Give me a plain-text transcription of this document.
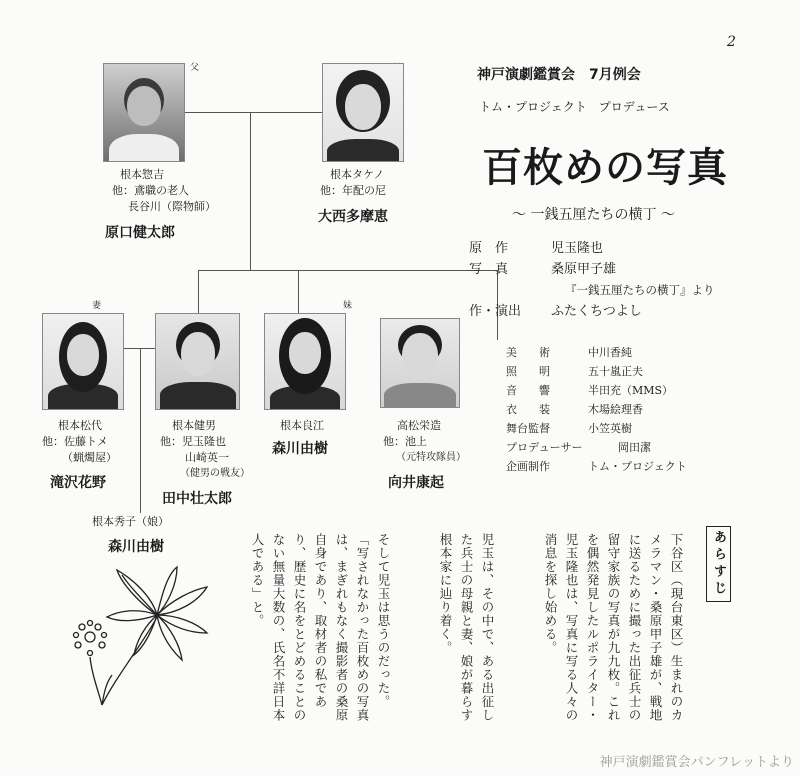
2
父
根本惣吉
他：鳶職の老人
長谷川（際物師）
原口健太郎
根本タケノ
他：年配の尼
大西多摩恵
妻
根本松代
他：佐藤トメ
（蝋燭屋）
滝沢花野
根本健男
他：児玉隆也
山崎英一
（健男の戦友）
田中壮太郎
妹
根本良江
森川由樹
高松栄造
他：池上
（元特攻隊員）
向井康起
根本秀子（娘）
森川由樹
神戸演劇鑑賞会　7月例会
トム・プロジェクト　プロデュース
百枚めの写真
〜 一銭五厘たちの横丁 〜
原　作	児玉隆也
写　真	桑原甲子雄
『一銭五厘たちの横丁』より
作・演出 ふたくちつよし
美　　術	中川香純
照　　明	五十嵐正夫
音　　響	半田充（MMS）
衣　　装	木場絵理香
舞台監督	小笠英樹
プロデューサー	岡田潔
企画制作	トム・プロジェクト
あらすじ
下谷区（現台東区）生まれのカメラマン・桑原甲子雄が、戦地に送るために撮った出征兵士の留守家族の写真が九九枚。これを偶然発見したルポライター・児玉隆也は、写真に写る人々の消息を探し始める。
児玉は、その中で、ある出征した兵士の母親と妻、娘が暮らす根本家に辿り着く。
そして児玉は思うのだった。「写されなかった百枚めの写真は、まぎれもなく撮影者の桑原自身であり、取材者の私であり、歴史に名をとどめることのない無量大数の、氏名不詳日本人である」と。
神戸演劇鑑賞会パンフレットより
